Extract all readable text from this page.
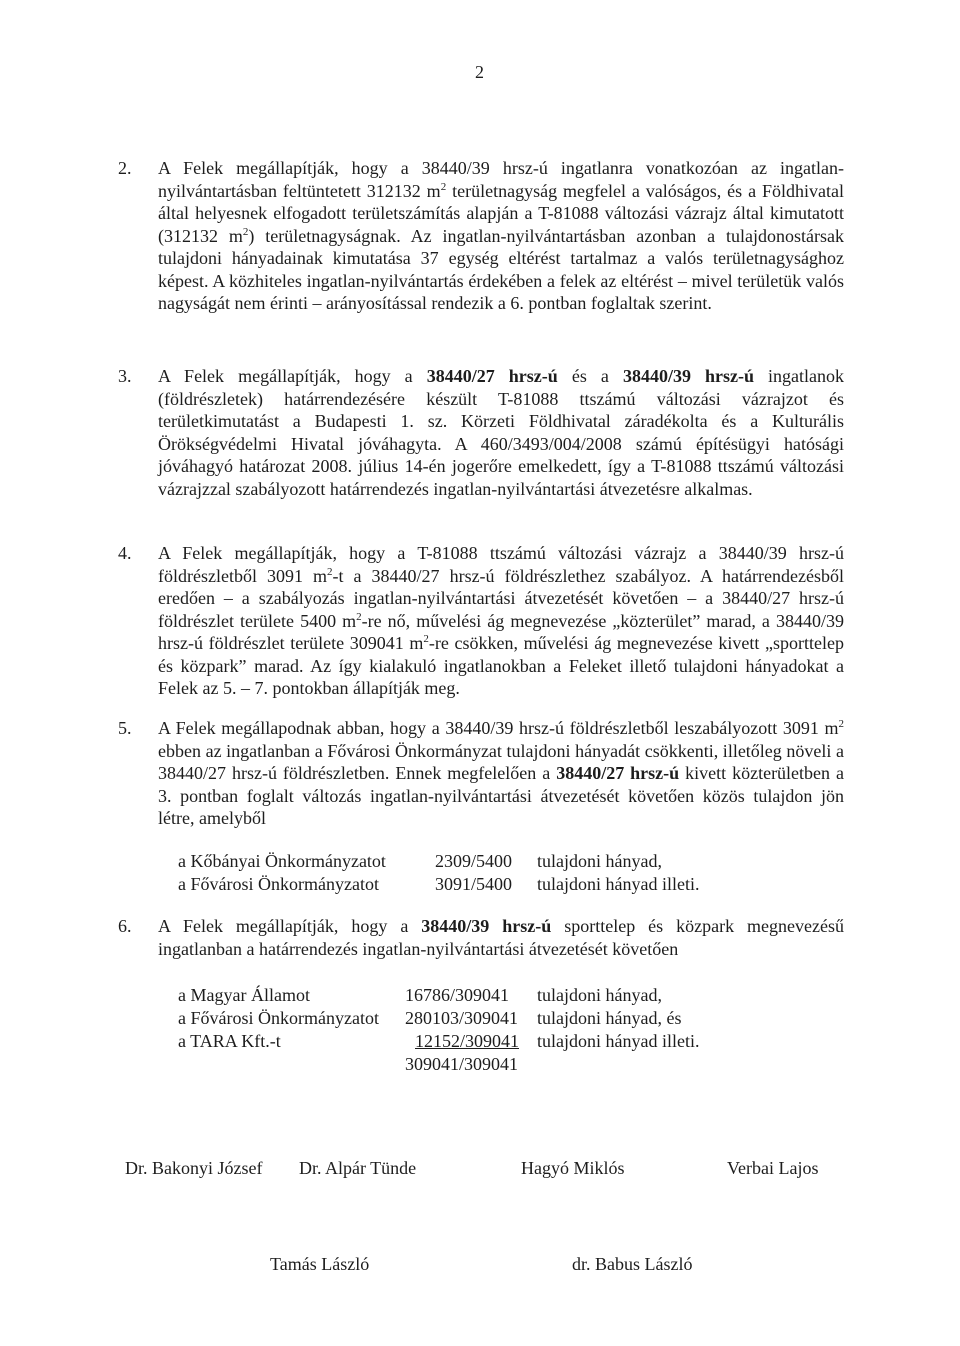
2
2. A Felek megállapítják, hogy a 38440/39 hrsz-ú ingatlanra vonatkozóan az ingatlan-nyilvántartásban feltüntetett 312132 $m^2$ területnagyság megfelel a valóságos, és a Földhivatal által helyesnek elfogadott területszámítás alapján a T-81088 változási vázrajz által kimutatott (312132 $m^2$) területnagyságnak. Az ingatlan-nyilvántartásban azonban a tulajdonostársak tulajdoni hányadainak kimutatása 37 egység eltérést tartalmaz a valós területnagysághoz képest. A közhiteles ingatlan-nyilvántartás érdekében a felek az eltérést – mivel területük valós nagyságát nem érinti – arányosítással rendezik a 6. pontban foglaltak szerint.
3. A Felek megállapítják, hogy a 38440/27 hrsz-ú és a 38440/39 hrsz-ú ingatlanok (földrészletek) határrendezésére készült T-81088 ttszámú változási vázrajzot és területkimutatást a Budapesti 1. sz. Körzeti Földhivatal záradékolta és a Kulturális Örökségvédelmi Hivatal jóváhagyta. A 460/3493/004/2008 számú építésügyi hatósági jóváhagyó határozat 2008. július 14-én jogerőre emelkedett, így a T-81088 ttszámú változási vázrajzzal szabályozott határrendezés ingatlan-nyilvántartási átvezetésre alkalmas.
4. A Felek megállapítják, hogy a T-81088 ttszámú változási vázrajz a 38440/39 hrsz-ú földrészletből 3091 $m^2-t$ a 38440/27 hrsz-ú földrészlethez szabályoz. A határrendezésből eredően – a szabályozás ingatlan-nyilvántartási átvezetését követően – a 38440/27 hrsz-ú földrészlet területe 5400 $m^2-re$ nő, művelési ág megnevezése „közterület” marad, a 38440/39 hrsz-ú földrészlet területe 309041 $m^2-re$ csökken, művelési ág megnevezése kivett „sporttelep és közpark” marad. Az így kialakuló ingatlanokban a Feleket illető tulajdoni hányadokat a Felek az 5. – 7. pontokban állapítják meg.
5. A Felek megállapodnak abban, hogy a 38440/39 hrsz-ú földrészletből leszabályozott 3091 $m^2$ ebben az ingatlanban a Fővárosi Önkormányzat tulajdoni hányadát csökkenti, illetőleg növeli a 38440/27 hrsz-ú földrészletben. Ennek megfelelően a 38440/27 hrsz-ú kivett közterületben a 3. pontban foglalt változás ingatlan-nyilvántartási átvezetését követően közös tulajdon jön létre, amelyből
a Kőbányai Önkormányzatot	2309/5400 tulajdoni hányad,
a Fővárosi Önkormányzatot	3091/5400 tulajdoni hányad illeti.
6. A Felek megállapítják, hogy a 38440/39 hrsz-ú sporttelep és közpark megnevezésű ingatlanban a határrendezés ingatlan-nyilvántartási átvezetését követően
a Magyar Államot	16786/309041 tulajdoni hányad,
a Fővárosi Önkormányzatot 280103/309041 tulajdoni hányad, és
a TARA Kft.-t	12152/309041 tulajdoni hányad illeti.
309041/309041
Dr. Bakonyi József Dr. Alpár Tünde	Hagyó Miklós	Verbai Lajos
Tamás László	dr. Babus László
